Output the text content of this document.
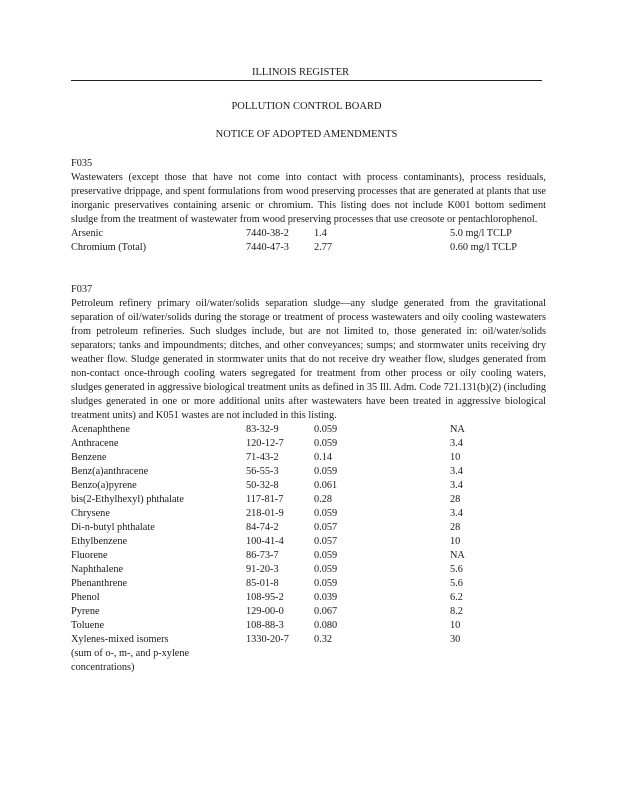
ILLINOIS REGISTER
POLLUTION CONTROL BOARD
NOTICE OF ADOPTED AMENDMENTS
F035

Wastewaters (except those that have not come into contact with process contaminants), process residuals, preservative drippage, and spent formulations from wood preserving processes that are generated at plants that use inorganic preservatives containing arsenic or chromium. This listing does not include K001 bottom sediment sludge from the treatment of wastewater from wood preserving processes that use creosote or pentachlorophenol.

Arsenic	7440-38-2	1.4	5.0 mg/l TCLP
Chromium (Total)	7440-47-3	2.77	0.60 mg/l TCLP
F037

Petroleum refinery primary oil/water/solids separation sludge—any sludge generated from the gravitational separation of oil/water/solids during the storage or treatment of process wastewaters and oily cooling wastewaters from petroleum refineries. Such sludges include, but are not limited to, those generated in: oil/water/solids separators; tanks and impoundments; ditches, and other conveyances; sumps; and stormwater units receiving dry weather flow. Sludge generated in stormwater units that do not receive dry weather flow, sludges generated from non-contact once-through cooling waters segregated for treatment from other process or oily cooling waters, sludges generated in aggressive biological treatment units as defined in 35 Ill. Adm. Code 721.131(b)(2) (including sludges generated in one or more additional units after wastewaters have been treated in aggressive biological treatment units) and K051 wastes are not included in this listing.

Acenaphthene	83-32-9	0.059	NA
Anthracene	120-12-7	0.059	3.4
Benzene	71-43-2	0.14	10
Benz(a)anthracene	56-55-3	0.059	3.4
Benzo(a)pyrene	50-32-8	0.061	3.4
bis(2-Ethylhexyl) phthalate	117-81-7	0.28	28
Chrysene	218-01-9	0.059	3.4
Di-n-butyl phthalate	84-74-2	0.057	28
Ethylbenzene	100-41-4	0.057	10
Fluorene	86-73-7	0.059	NA
Naphthalene	91-20-3	0.059	5.6
Phenanthrene	85-01-8	0.059	5.6
Phenol	108-95-2	0.039	6.2
Pyrene	129-00-0	0.067	8.2
Toluene	108-88-3	0.080	10
Xylenes-mixed isomers	1330-20-7	0.32	30
(sum of o-, m-, and p-xylene
concentrations)
